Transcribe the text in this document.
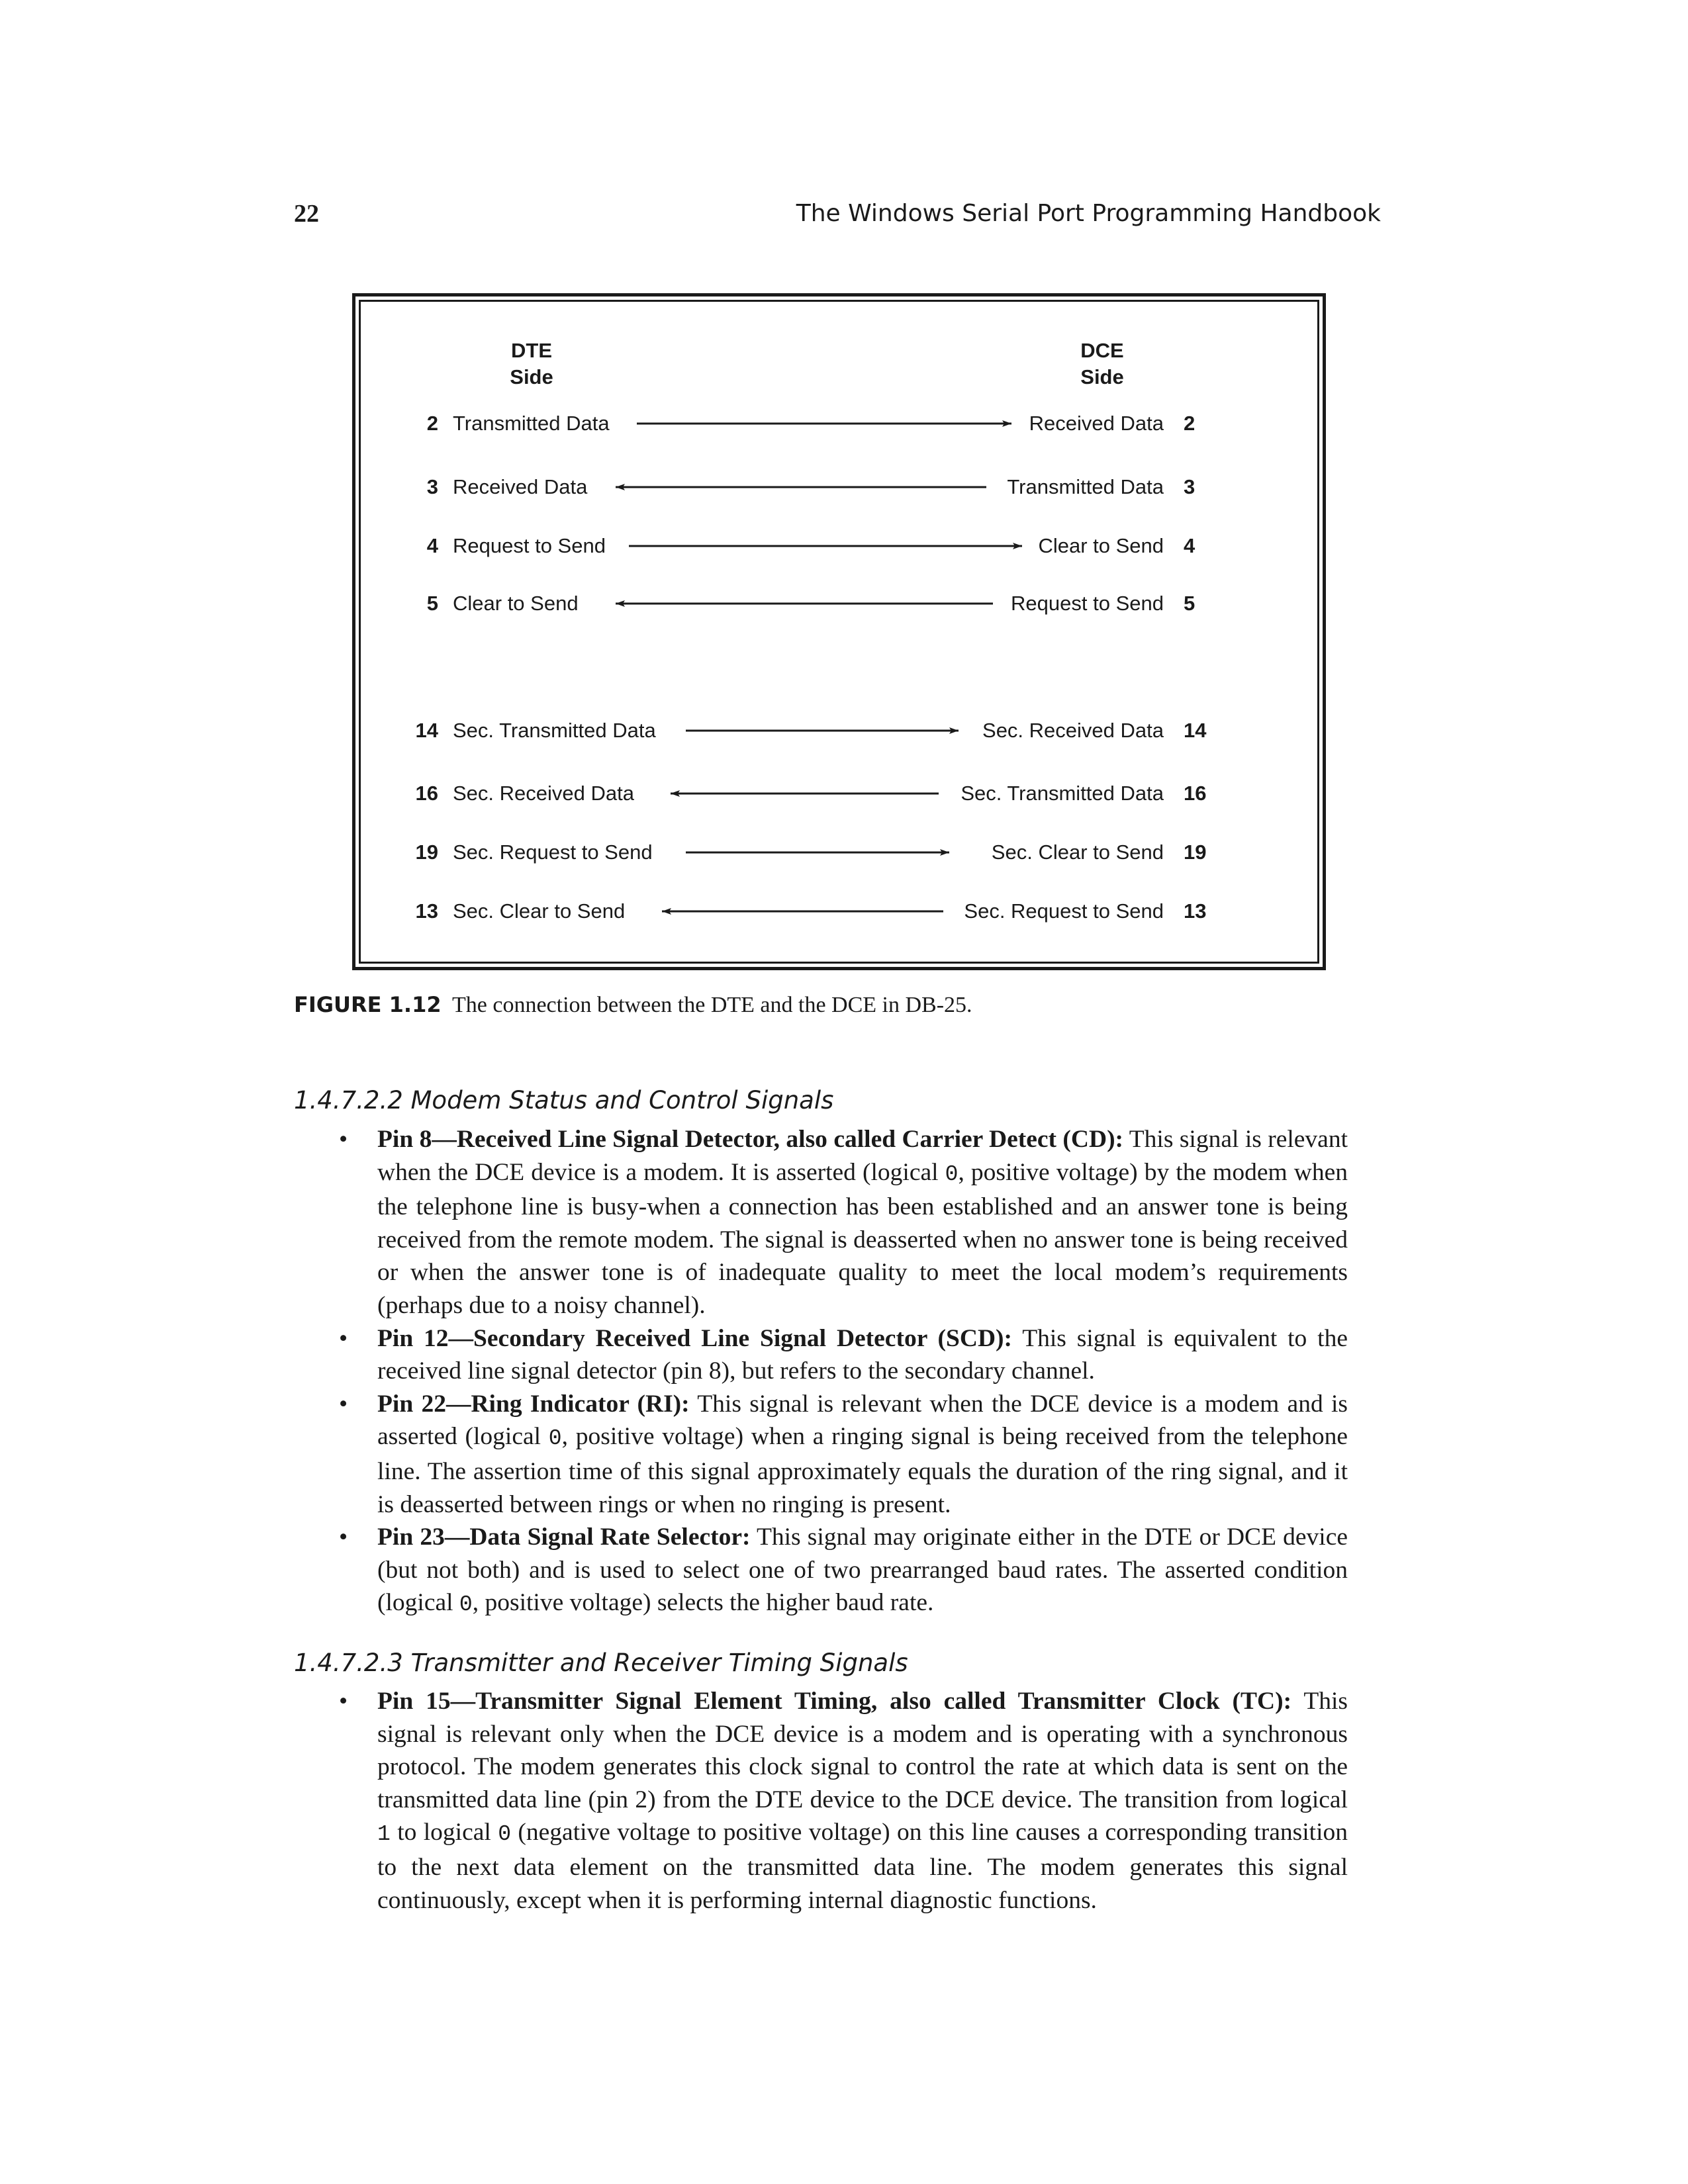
22	The Windows Serial Port Programming Handbook
DTE
Side
DCE
Side
2 Transmitted Data	Received Data 2
3 Received Data	Transmitted Data 3
4 Request to Send	Clear to Send 4
5 Clear to Send	Request to Send 5
14 Sec. Transmitted Data	Sec. Received Data 14
16 Sec. Received Data	Sec. Transmitted Data 16
19 Sec. Request to Send	Sec. Clear to Send 19
13 Sec. Clear to Send	Sec. Request to Send 13
FIGURE 1.12 The connection between the DTE and the DCE in DB-25.
1.4.7.2.2 Modem Status and Control Signals
• Pin 8—Received Line Signal Detector, also called Carrier Detect (CD): This signal is relevant when the DCE device is a modem. It is asserted (logical 0, positive voltage) by the modem when the telephone line is busy-when a connection has been established and an answer tone is being received from the remote modem. The signal is deasserted when no answer tone is being received or when the answer tone is of inadequate quality to meet the local modem’s requirements (perhaps due to a noisy channel).
• Pin 12—Secondary Received Line Signal Detector (SCD): This signal is equivalent to the received line signal detector (pin 8), but refers to the secondary channel.
• Pin 22—Ring Indicator (RI): This signal is relevant when the DCE device is a modem and is asserted (logical 0, positive voltage) when a ringing signal is being received from the telephone line. The assertion time of this signal approximately equals the duration of the ring signal, and it is deasserted between rings or when no ringing is present.
• Pin 23—Data Signal Rate Selector: This signal may originate either in the DTE or DCE device (but not both) and is used to select one of two prearranged baud rates. The asserted condition (logical 0, positive voltage) selects the higher baud rate.
1.4.7.2.3 Transmitter and Receiver Timing Signals
• Pin 15—Transmitter Signal Element Timing, also called Transmitter Clock (TC): This signal is relevant only when the DCE device is a modem and is operating with a synchronous protocol. The modem generates this clock signal to control the rate at which data is sent on the transmitted data line (pin 2) from the DTE device to the DCE device. The transition from logical 1 to logical 0 (negative voltage to positive voltage) on this line causes a corresponding transition to the next data element on the transmitted data line. The modem generates this signal continuously, except when it is performing internal diagnostic functions.
